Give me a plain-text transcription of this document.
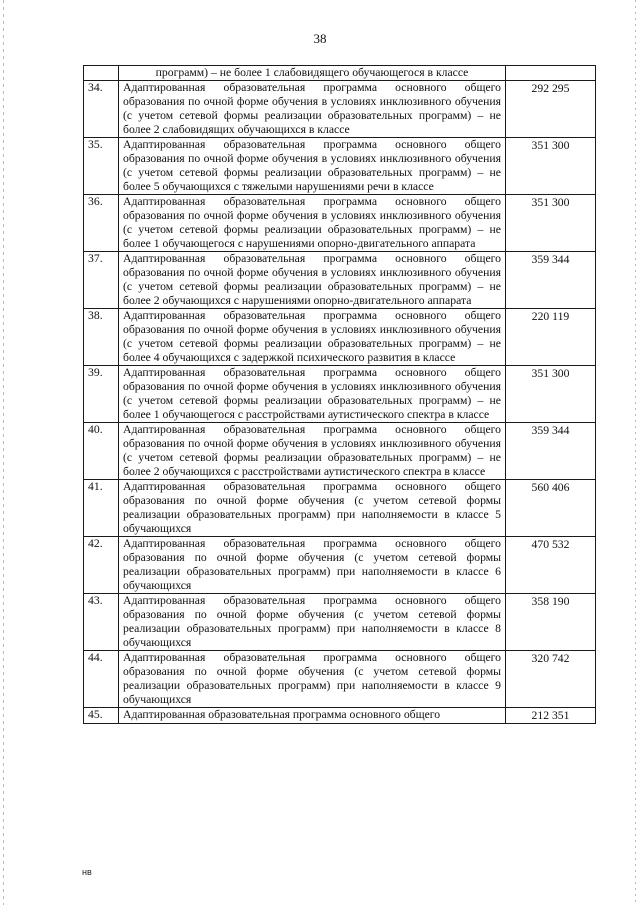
38
	программ) – не более 1 слабовидящего обучающегося в классе	

34.	Адаптированная образовательная программа основного общего образования по очной форме обучения в условиях инклюзивного обучения (с учетом сетевой формы реализации образовательных программ) – не более 2 слабовидящих обучающихся в классе	292 295

35.	Адаптированная образовательная программа основного общего образования по очной форме обучения в условиях инклюзивного обучения (с учетом сетевой формы реализации образовательных программ) – не более 5 обучающихся с тяжелыми нарушениями речи в классе	351 300

36.	Адаптированная образовательная программа основного общего образования по очной форме обучения в условиях инклюзивного обучения (с учетом сетевой формы реализации образовательных программ) – не более 1 обучающегося с нарушениями опорно-двигательного аппарата	351 300

37.	Адаптированная образовательная программа основного общего образования по очной форме обучения в условиях инклюзивного обучения (с учетом сетевой формы реализации образовательных программ) – не более 2 обучающихся с нарушениями опорно-двигательного аппарата	359 344

38.	Адаптированная образовательная программа основного общего образования по очной форме обучения в условиях инклюзивного обучения (с учетом сетевой формы реализации образовательных программ) – не более 4 обучающихся с задержкой психического развития в классе	220 119

39.	Адаптированная образовательная программа основного общего образования по очной форме обучения в условиях инклюзивного обучения (с учетом сетевой формы реализации образовательных программ) – не более 1 обучающегося с расстройствами аутистического спектра в классе	351 300

40.	Адаптированная образовательная программа основного общего образования по очной форме обучения в условиях инклюзивного обучения (с учетом сетевой формы реализации образовательных программ) – не более 2 обучающихся с расстройствами аутистического спектра в классе	359 344

41.	Адаптированная образовательная программа основного общего образования по очной форме обучения (с учетом сетевой формы реализации образовательных программ) при наполняемости в классе 5 обучающихся	560 406

42.	Адаптированная образовательная программа основного общего образования по очной форме обучения (с учетом сетевой формы реализации образовательных программ) при наполняемости в классе 6 обучающихся	470 532

43.	Адаптированная образовательная программа основного общего образования по очной форме обучения (с учетом сетевой формы реализации образовательных программ) при наполняемости в классе 8 обучающихся	358 190

44.	Адаптированная образовательная программа основного общего образования по очной форме обучения (с учетом сетевой формы реализации образовательных программ) при наполняемости в классе 9 обучающихся	320 742

45.	Адаптированная образовательная программа основного общего	212 351
нв
